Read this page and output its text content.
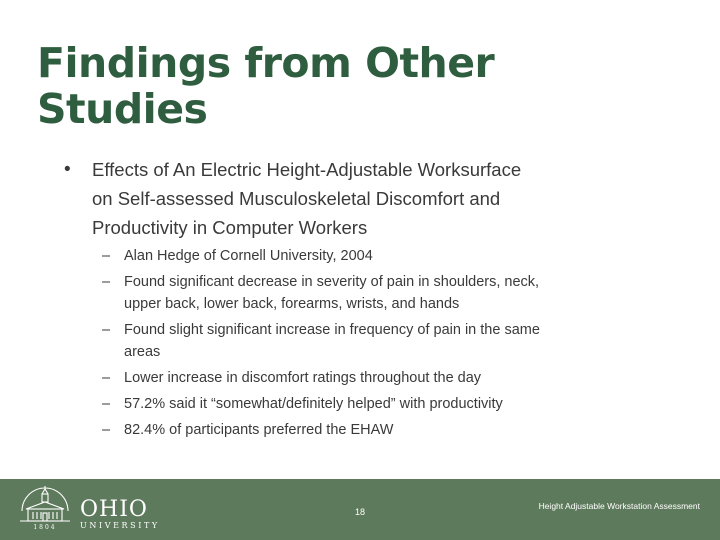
Findings from Other
Studies
•	Effects of An Electric Height-Adjustable Worksurface
on Self-assessed Musculoskeletal Discomfort and
Productivity in Computer Workers
– Alan Hedge of Cornell University, 2004
– Found significant decrease in severity of pain in shoulders, neck,
upper back, lower back, forearms, wrists, and hands
– Found slight significant increase in frequency of pain in the same
areas
– Lower increase in discomfort ratings throughout the day
– 57.2% said it “somewhat/definitely helped” with productivity
– 82.4% of participants preferred the EHAW
1804
OHIO
UNIVERSITY
18
Height Adjustable Workstation Assessment
